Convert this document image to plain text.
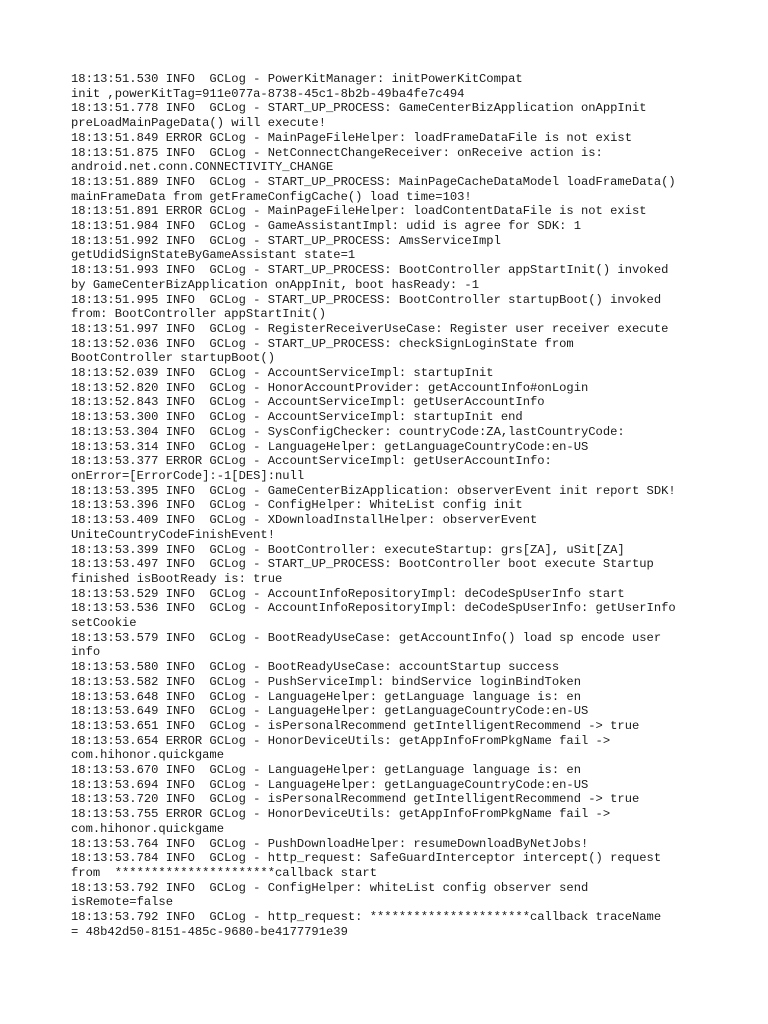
18:13:51.530 INFO  GCLog - PowerKitManager: initPowerKitCompat
init ,powerKitTag=911e077a-8738-45c1-8b2b-49ba4fe7c494
18:13:51.778 INFO  GCLog - START_UP_PROCESS: GameCenterBizApplication onAppInit
preLoadMainPageData() will execute!
18:13:51.849 ERROR GCLog - MainPageFileHelper: loadFrameDataFile is not exist
18:13:51.875 INFO  GCLog - NetConnectChangeReceiver: onReceive action is:
android.net.conn.CONNECTIVITY_CHANGE
18:13:51.889 INFO  GCLog - START_UP_PROCESS: MainPageCacheDataModel loadFrameData()
mainFrameData from getFrameConfigCache() load time=103!
18:13:51.891 ERROR GCLog - MainPageFileHelper: loadContentDataFile is not exist
18:13:51.984 INFO  GCLog - GameAssistantImpl: udid is agree for SDK: 1
18:13:51.992 INFO  GCLog - START_UP_PROCESS: AmsServiceImpl
getUdidSignStateByGameAssistant state=1
18:13:51.993 INFO  GCLog - START_UP_PROCESS: BootController appStartInit() invoked
by GameCenterBizApplication onAppInit, boot hasReady: -1
18:13:51.995 INFO  GCLog - START_UP_PROCESS: BootController startupBoot() invoked
from: BootController appStartInit()
18:13:51.997 INFO  GCLog - RegisterReceiverUseCase: Register user receiver execute
18:13:52.036 INFO  GCLog - START_UP_PROCESS: checkSignLoginState from
BootController startupBoot()
18:13:52.039 INFO  GCLog - AccountServiceImpl: startupInit
18:13:52.820 INFO  GCLog - HonorAccountProvider: getAccountInfo#onLogin
18:13:52.843 INFO  GCLog - AccountServiceImpl: getUserAccountInfo
18:13:53.300 INFO  GCLog - AccountServiceImpl: startupInit end
18:13:53.304 INFO  GCLog - SysConfigChecker: countryCode:ZA,lastCountryCode:
18:13:53.314 INFO  GCLog - LanguageHelper: getLanguageCountryCode:en-US
18:13:53.377 ERROR GCLog - AccountServiceImpl: getUserAccountInfo:
onError=[ErrorCode]:-1[DES]:null
18:13:53.395 INFO  GCLog - GameCenterBizApplication: observerEvent init report SDK!
18:13:53.396 INFO  GCLog - ConfigHelper: WhiteList config init
18:13:53.409 INFO  GCLog - XDownloadInstallHelper: observerEvent
UniteCountryCodeFinishEvent!
18:13:53.399 INFO  GCLog - BootController: executeStartup: grs[ZA], uSit[ZA]
18:13:53.497 INFO  GCLog - START_UP_PROCESS: BootController boot execute Startup
finished isBootReady is: true
18:13:53.529 INFO  GCLog - AccountInfoRepositoryImpl: deCodeSpUserInfo start
18:13:53.536 INFO  GCLog - AccountInfoRepositoryImpl: deCodeSpUserInfo: getUserInfo
setCookie
18:13:53.579 INFO  GCLog - BootReadyUseCase: getAccountInfo() load sp encode user
info
18:13:53.580 INFO  GCLog - BootReadyUseCase: accountStartup success
18:13:53.582 INFO  GCLog - PushServiceImpl: bindService loginBindToken
18:13:53.648 INFO  GCLog - LanguageHelper: getLanguage language is: en
18:13:53.649 INFO  GCLog - LanguageHelper: getLanguageCountryCode:en-US
18:13:53.651 INFO  GCLog - isPersonalRecommend getIntelligentRecommend -> true
18:13:53.654 ERROR GCLog - HonorDeviceUtils: getAppInfoFromPkgName fail ->
com.hihonor.quickgame
18:13:53.670 INFO  GCLog - LanguageHelper: getLanguage language is: en
18:13:53.694 INFO  GCLog - LanguageHelper: getLanguageCountryCode:en-US
18:13:53.720 INFO  GCLog - isPersonalRecommend getIntelligentRecommend -> true
18:13:53.755 ERROR GCLog - HonorDeviceUtils: getAppInfoFromPkgName fail ->
com.hihonor.quickgame
18:13:53.764 INFO  GCLog - PushDownloadHelper: resumeDownloadByNetJobs!
18:13:53.784 INFO  GCLog - http_request: SafeGuardInterceptor intercept() request
from  **********************callback start
18:13:53.792 INFO  GCLog - ConfigHelper: whiteList config observer send
isRemote=false
18:13:53.792 INFO  GCLog - http_request: **********************callback traceName
= 48b42d50-8151-485c-9680-be4177791e39
